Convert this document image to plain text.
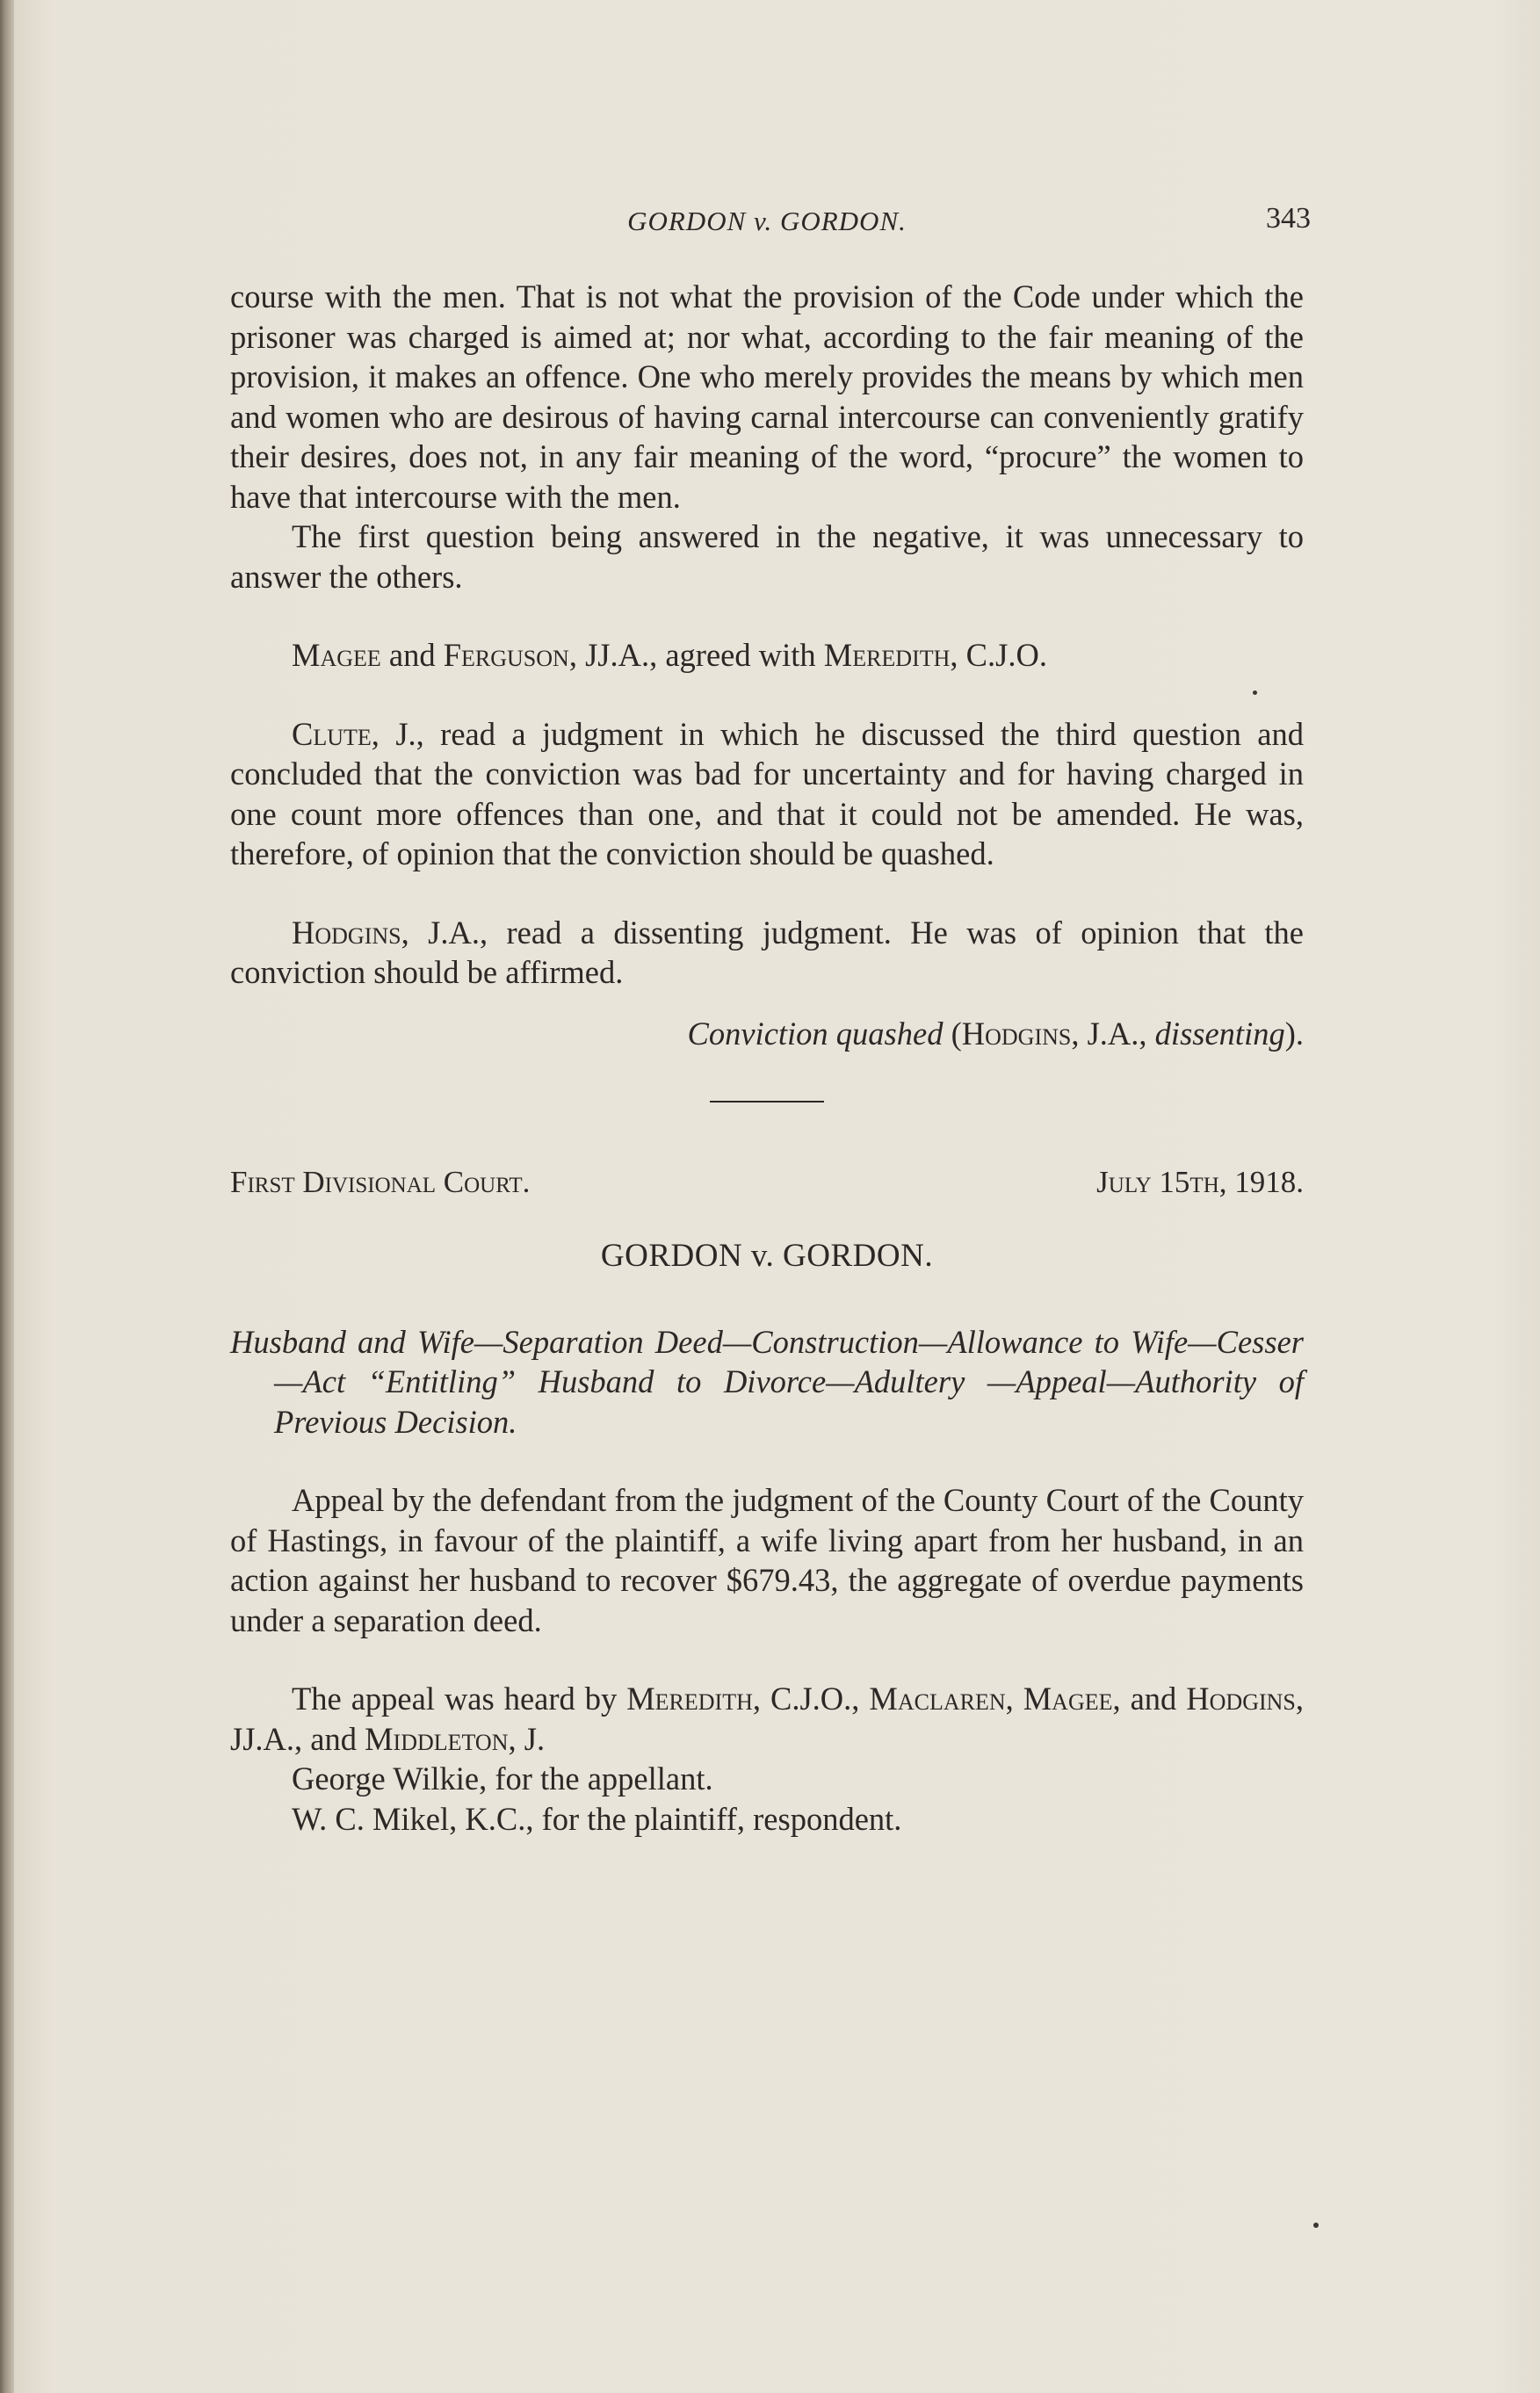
GORDON v. GORDON.	343

course with the men. That is not what the provision of the Code under which the prisoner was charged is aimed at; nor what, according to the fair meaning of the provision, it makes an offence. One who merely provides the means by which men and women who are desirous of having carnal intercourse can conveniently gratify their desires, does not, in any fair meaning of the word, “procure” the women to have that intercourse with the men.

The first question being answered in the negative, it was unnecessary to answer the others.

Magee and Ferguson, JJ.A., agreed with Meredith, C.J.O.

Clute, J., read a judgment in which he discussed the third question and concluded that the conviction was bad for uncertainty and for having charged in one count more offences than one, and that it could not be amended. He was, therefore, of opinion that the conviction should be quashed.

Hodgins, J.A., read a dissenting judgment. He was of opinion that the conviction should be affirmed.

Conviction quashed (Hodgins, J.A., dissenting).

First Divisional Court.	July 15th, 1918.

GORDON v. GORDON.

Husband and Wife—Separation Deed—Construction—Allowance to Wife—Cesser—Act “Entitling” Husband to Divorce—Adultery —Appeal—Authority of Previous Decision.

Appeal by the defendant from the judgment of the County Court of the County of Hastings, in favour of the plaintiff, a wife living apart from her husband, in an action against her husband to recover $679.43, the aggregate of overdue payments under a separation deed.

The appeal was heard by Meredith, C.J.O., Maclaren, Magee, and Hodgins, JJ.A., and Middleton, J.

George Wilkie, for the appellant.

W. C. Mikel, K.C., for the plaintiff, respondent.
